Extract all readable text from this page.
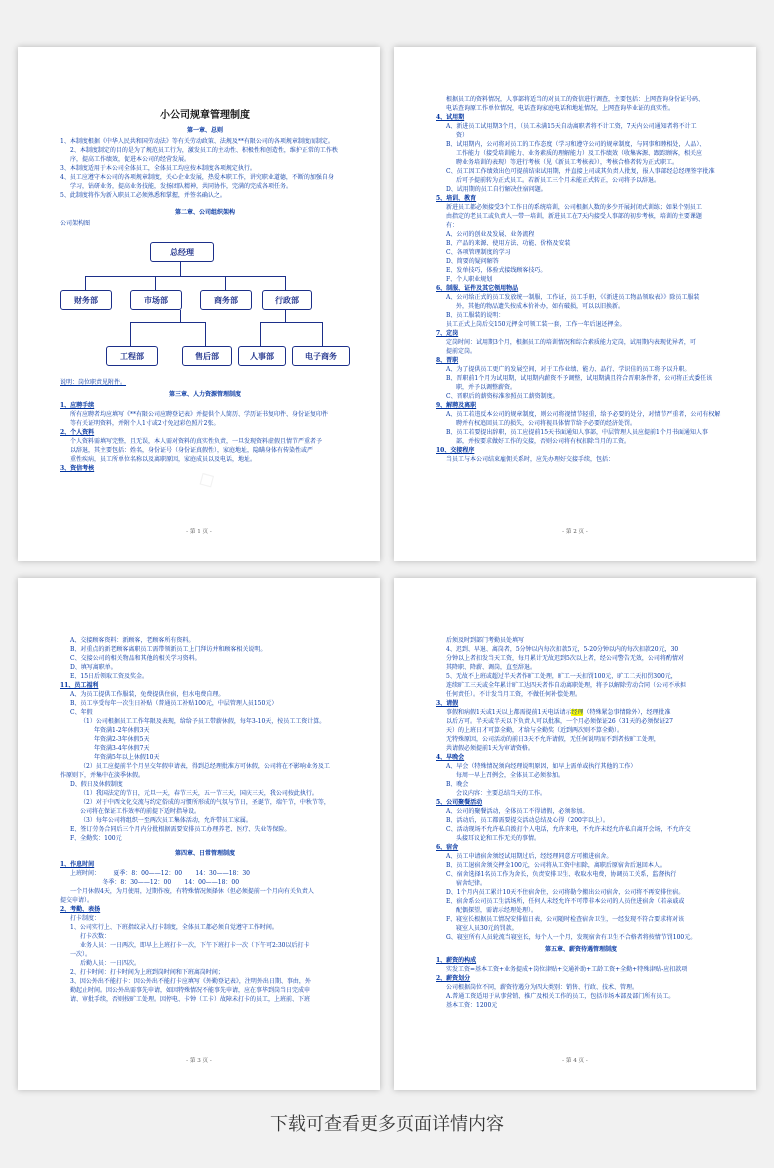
◇
小公司规章管理制度
第一章、总则
1、本制度根据《中华人民共和国劳动法》等有关劳动政策、法规及**有限公司的各项规章制度而制定。
2、本制度制定的目的是为了规范员工行为，激发员工的主动性、积极性和创造性，维护正常的工作秩
序，提高工作绩效，促进本公司的经营发展。
3、本制度适用于本公司全体员工，全体员工均应按本制度各项规定执行。
4、员工应遵守本公司的各项规章制度，关心企业发展，热爱本职工作，讲究职业道德，不断的加强自身
学习，钻研业务，提高业务技能，发扬团队精神，共同协作，完满的完成各项任务。
5、此制度将作为新入职员工必须熟悉和掌握，并签名确认之。
第二章、公司组织架构
公司架构图
总经理
财务部	市场部	商务部	行政部
工程部	售后部	人事部	电子商务
说明：岗位职责见附件。
第三章、人力资源管理制度
1、应聘手续
所有应聘者均应填写《**有限公司应聘登记表》并提供个人简历、学历证书复印件、身份证复印件
等有关证明资料，并附个人1寸或2寸免冠彩色照片2张。
2、个人资料
个人资料需填写完整，且无误，本人需对资料的真实性负责，一旦发现资料虚假且情节严重者予
以辞退，其主要包括：姓名，身份证号（身份证真假性），家庭地址，隐瞒身体有传染性或严
重性疾病，员工所单位名称以及离职原因，家庭成员以及电话，地址。
3、资信考核
- 第 1 页 -
根据员工的资料情况，人事部将适当的对员工的资信进行调查，主要包括：上网查询身份证号码、
电话查询原工作单位情况，电话查询家庭电话和地址情况，上网查询毕业证的真实性。
4、试用期
A、新进员工试用期3个月，（员工未满15天自动离职者将不计工资，7天内公司通知者将不计工
资）
B、试用期内，公司将对员工的工作态度（学习和遵守公司的规章制度，与同事和睦相处，人品）、
工作能力（接受培训能力、业务素质的理解能力）及工作绩效（收集客源、跟踪顾客，相关应
聘业务培训的表现）等进行考核（见《新员工考核表》），考核合格者转为正式职工。
C、员工因工作绩效出色可提前结束试用期，并直接上司或其负责人批复，报人事部经总经理签字批准
后可予提前转为正式员工。若新员工三个月未能正式转正，公司将予以辞退。
D、试用期的员工自行解决住宿问题。
5、培训、教育
新进员工都必须接受3个工作日的系统培训，公司根据人数的多少开展封闭式训练；如果个别员工
由指定的老员工或负责人一带一培训，新进员工在7天内接受人事部的初步考核，培训的主要课题
有：
A、公司的创业及发展、业务流程
B、产品的来源、使用方法、功能、价格及安装
C、各项管理制度的学习
D、简要的疑问解答
E、发单技巧，体验式接线顾客技巧。
F、个人职业规划
6、制服、证件及其它领用物品
A、公司给正式的员工发放统一制服，工作证，员工手册，《《新进员工物品领取表》》除员工服装
外，其他的物品遗失按成本价补办，如有破损，可以以旧换新。
B、员工服装的说明：
员工正式上岗后交150元押金可领工装一套，工作一年后退还押金。
7、定岗
定岗时间：试用期3个月，根据员工的培训情况和综合素质能力定岗，试用期内表现优异者，可
提前定岗。
8、晋职
A、为了提供员工更广的发展空间，对于工作业绩、能力、品行、学识佳的员工将予以升职。
B、晋职前1个月为试用期，试用期内薪资不予调整，试用期满且符合晋职条件者，公司将正式委任该
职，并予以调整薪资。
C、晋职后的薪资标准参照员工薪资制度。
9、解聘及离职
A、员工若违反本公司的规章制度，则公司将视情节轻重，给予必要的处分，对情节严重者，公司有权解
聘并有权追回员工的损失，公司将视具体情节给予必要的经济处罚。
B、员工若要提出辞职，员工应提前15天书面通知人事部，中层管理人员应提前1个月书面通知人事
部，并按要求做好工作的交接，否则公司将有权扣除当月的工资。
10、交接程序
当员工与本公司结束雇佣关系时，应先办理好交接手续，包括：
- 第 2 页 -
A、交接顾客资料：新顾客，老顾客所有资料。
B、对重点的新老顾客离职员工需带领新员工上门拜访并和顾客相关说明。
C、交接公司的相关物品和其他的相关学习资料。
D、填写离职单。
E、15日后领取工资及奖金。
11、员工福利
A、为员工提供工作服装，免费提供住宿，但水电费自理。
B、员工享受每年一次生日补贴（普通员工补贴100元，中层管理人员150元）
C、年假
（1）公司根据员工工作年限及表现，给给予员工带薪休假，每年3-10天，按员工工资计算。
年资满1-2年休假3天
年资满2-3年休假5天
年资满3-4年休假7天
年资满5年以上休假10天
（2）员工应提前半个月呈交年假申请表，得到总经理批准方可休假，公司将在不影响业务及工
作原则下，并集中在淡季休假。
D、假日及休假制度
（1）我国法定的节日，元旦一天，春节三天，五一节三天，国庆三天，我公司按此执行。
（2）对于中西文化交流与约定俗成的习惯所形成的气氛与节日，圣诞节，端午节，中秋节等，
公司将在保证工作效率的前提下适时指导设。
（3）每年公司将组织一至两次员工集体活动，允许带员工家属。
E、签订劳务合同后三个月内分批根据需要安排员工办理养老、医疗、失业等保险。
F、全勤奖：100元
第四章、日常管理制度
1、作息时间
上班时间：       夏季：8：00——12：00       14：30——18：30
冬季：8：30——12：00       14：00——18：00
一个月休假4天，为月使用，过期作废，有特殊情况须择休（但必须提前一个月向有关负责人
提交申请）。
2、考勤、表扬
打卡制度：
1、公司实行上、下班指纹录入打卡制度，全体员工都必须自觉遵守工作时间。
打卡次数：
业务人员：一日两次，即早上上班打卡一次，下午下班打卡一次（下午可2:30以后打卡
一次）。
后勤人员：一日四次。
2、打卡时间：打卡时间为上班到岗时间和下班离岗时间；
3、因公外出不能打卡：因公外出不能打卡应填写《外勤登记表》，注明外出日期、事由，外
勤起止时间。因公外出需事先申请，如因特殊情况不能事先申请，应在事毕到岗当日完成申
请、审批手续，否则按旷工处理。因停电、卡钟（工卡）故障未打卡的员工，上班前、下班
- 第 3 页 -
后须及时到部门考勤员处填写
4、迟到、早退、离岗者，5分钟以内每次扣款5元，5-20分钟以内的每次扣款20元，30
分钟以上者扣发当天工资，每月累计无故迟到5次以上者，经公司警告无效，公司将酌情对
其降职、降薪、调岗，直至辞退。
5、无故不上班或超过半天者作旷工处理，旷工一天扣罚100元，旷工二天扣罚300元，
连续旷工三天或全年累计旷工达四天者作自动离职处理，将予以解除劳动合同（公司不承担
任何责任）。不计发当月工资，不做任何补偿处理。
3、请假
事假和病假1天或1天以上都需提前1天电话请示经理（特殊紧急事情除外），经理批准
以后方可。半天或半天以下负责人可以批准，一个月必须保证26（31天的必须保证27
天）的上班日才可算全勤，才给与全勤奖（近到两次则不算全勤）。
无特殊原因，公司活动的前日3天不允许请假，无任何说明而不到者按旷工处理，
共请假必须提前1天为审请资格。
4、早晚会
A、早会（特殊情况须向经理说明原因，如早上需单或执行其他的工作）
每周一早上召例会，全体员工必须参加。
B、晚会
会议内容：主要总结当天的工作。
5、公司聚餐活动
A、公司的聚餐活动，全体员工不得请假，必须参加。
B、活动后，员工都需要提交活动总结及心得（200字以上）。
C、活动现场不允许私自拨打个人电话，允许来电，不允许未经允许私自离开会场，不允许交
头接耳议论和工作无关的事情。
6、宿舍
A、员工申请宿舍须经试用期过后，经经理同意方可搬进宿舍。
B、员工退宿舍须交押金100元，公司将从工资中扣除，离职后原宿舍后退回本人。
C、宿舍选择1名员工作为舍长，负责安排卫生、收取水电费，协调员工关系，监督执行
宿舍纪律。
D、1个月内员工累计10天不住宿舍住，公司将勒令搬出公司宿舍，公司将不再安排住宿。
E、宿舍系公司员工生活场所，任何人未经允许不可带非本公司的人员住进宿舍（若亲戚或
配偶探望，需请示经理处理）。
F、寝室长根据员工情况安排值日表，公司随时检查宿舍卫生，一经发现不符合要求将对该
寝室人员30元的罚款。
G、寝室所有人员轮流当寝室长，每个人一个月，发现宿舍有卫生不合格者将按情节罚100元。
第五章、薪资待遇管理制度
1、薪资的构成
实发工资=基本工资+业务提成+岗位津贴+交通补助+工龄工资+全勤+特殊津贴-应扣款项
2、薪资划分
公司根据岗位不同，薪资待遇分为四大类别：销售、行政、技术、管理。
A.普通工资适用于从事营销、推广及相关工作的员工，包括市场本部及部门所有员工。
基本工资：1200元
- 第 4 页 -
下载可查看更多页面详情内容
